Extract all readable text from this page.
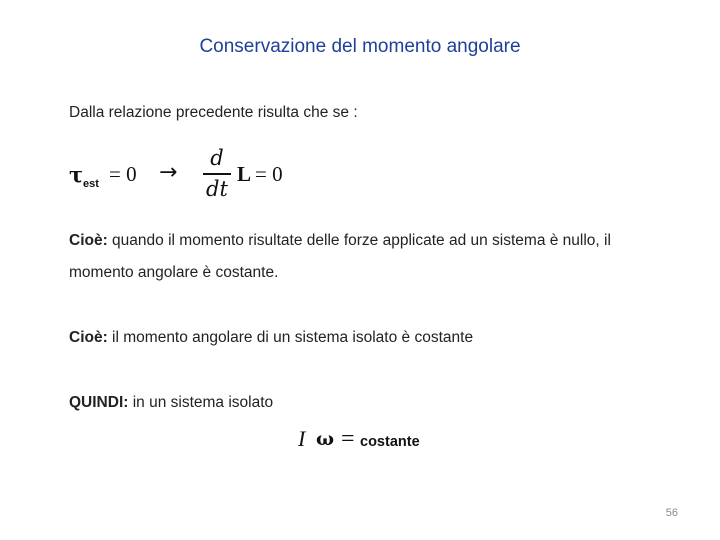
Conservazione del momento angolare
Dalla relazione precedente risulta che se :
τ est = 0 →
d
dt
L = 0
Cioè: quando il momento risultate delle forze applicate ad un sistema è nullo, il
momento angolare è costante.
Cioè: il momento angolare di un sistema isolato è costante
QUINDI: in un sistema isolato
I ω = costante
56
